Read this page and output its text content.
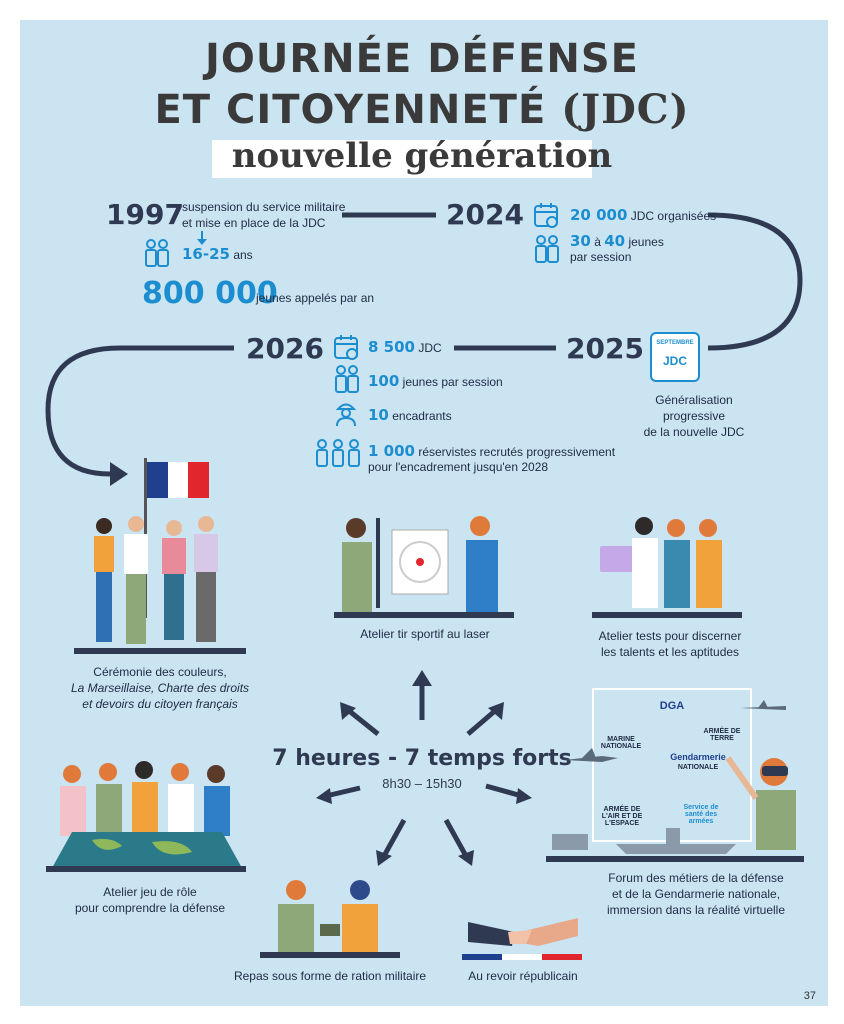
JOURNÉE DÉFENSE
ET CITOYENNETÉ (JDC)
nouvelle génération
1997
suspension du service militaire
et mise en place de la JDC
16-25 ans
800 000
jeunes appelés par an
2024	20 000 JDC organisées
30 à 40 jeunes
par session
2026	8 500 JDC
100 jeunes par session
10 encadrants
1 000 réservistes recrutés progressivement
pour l'encadrement jusqu'en 2028
2025	SEPTEMBRE
JDC
Généralisation progressive
de la nouvelle JDC
Cérémonie des couleurs,
La Marseillaise, Charte des droits
et devoirs du citoyen français
Atelier tir sportif au laser	Atelier tests pour discerner
les talents et les aptitudes
7 heures - 7 temps forts
8h30 – 15h30
DGA
ARMÉE DE TERRE
MARINE NATIONALE
Gendarmerie
NATIONALE
ARMÉE DE L'AIR ET DE L'ESPACE
Service de santé des armées
Forum des métiers de la défense
et de la Gendarmerie nationale,
immersion dans la réalité virtuelle
Atelier jeu de rôle
pour comprendre la défense
Repas sous forme de ration militaire	Au revoir républicain
37
